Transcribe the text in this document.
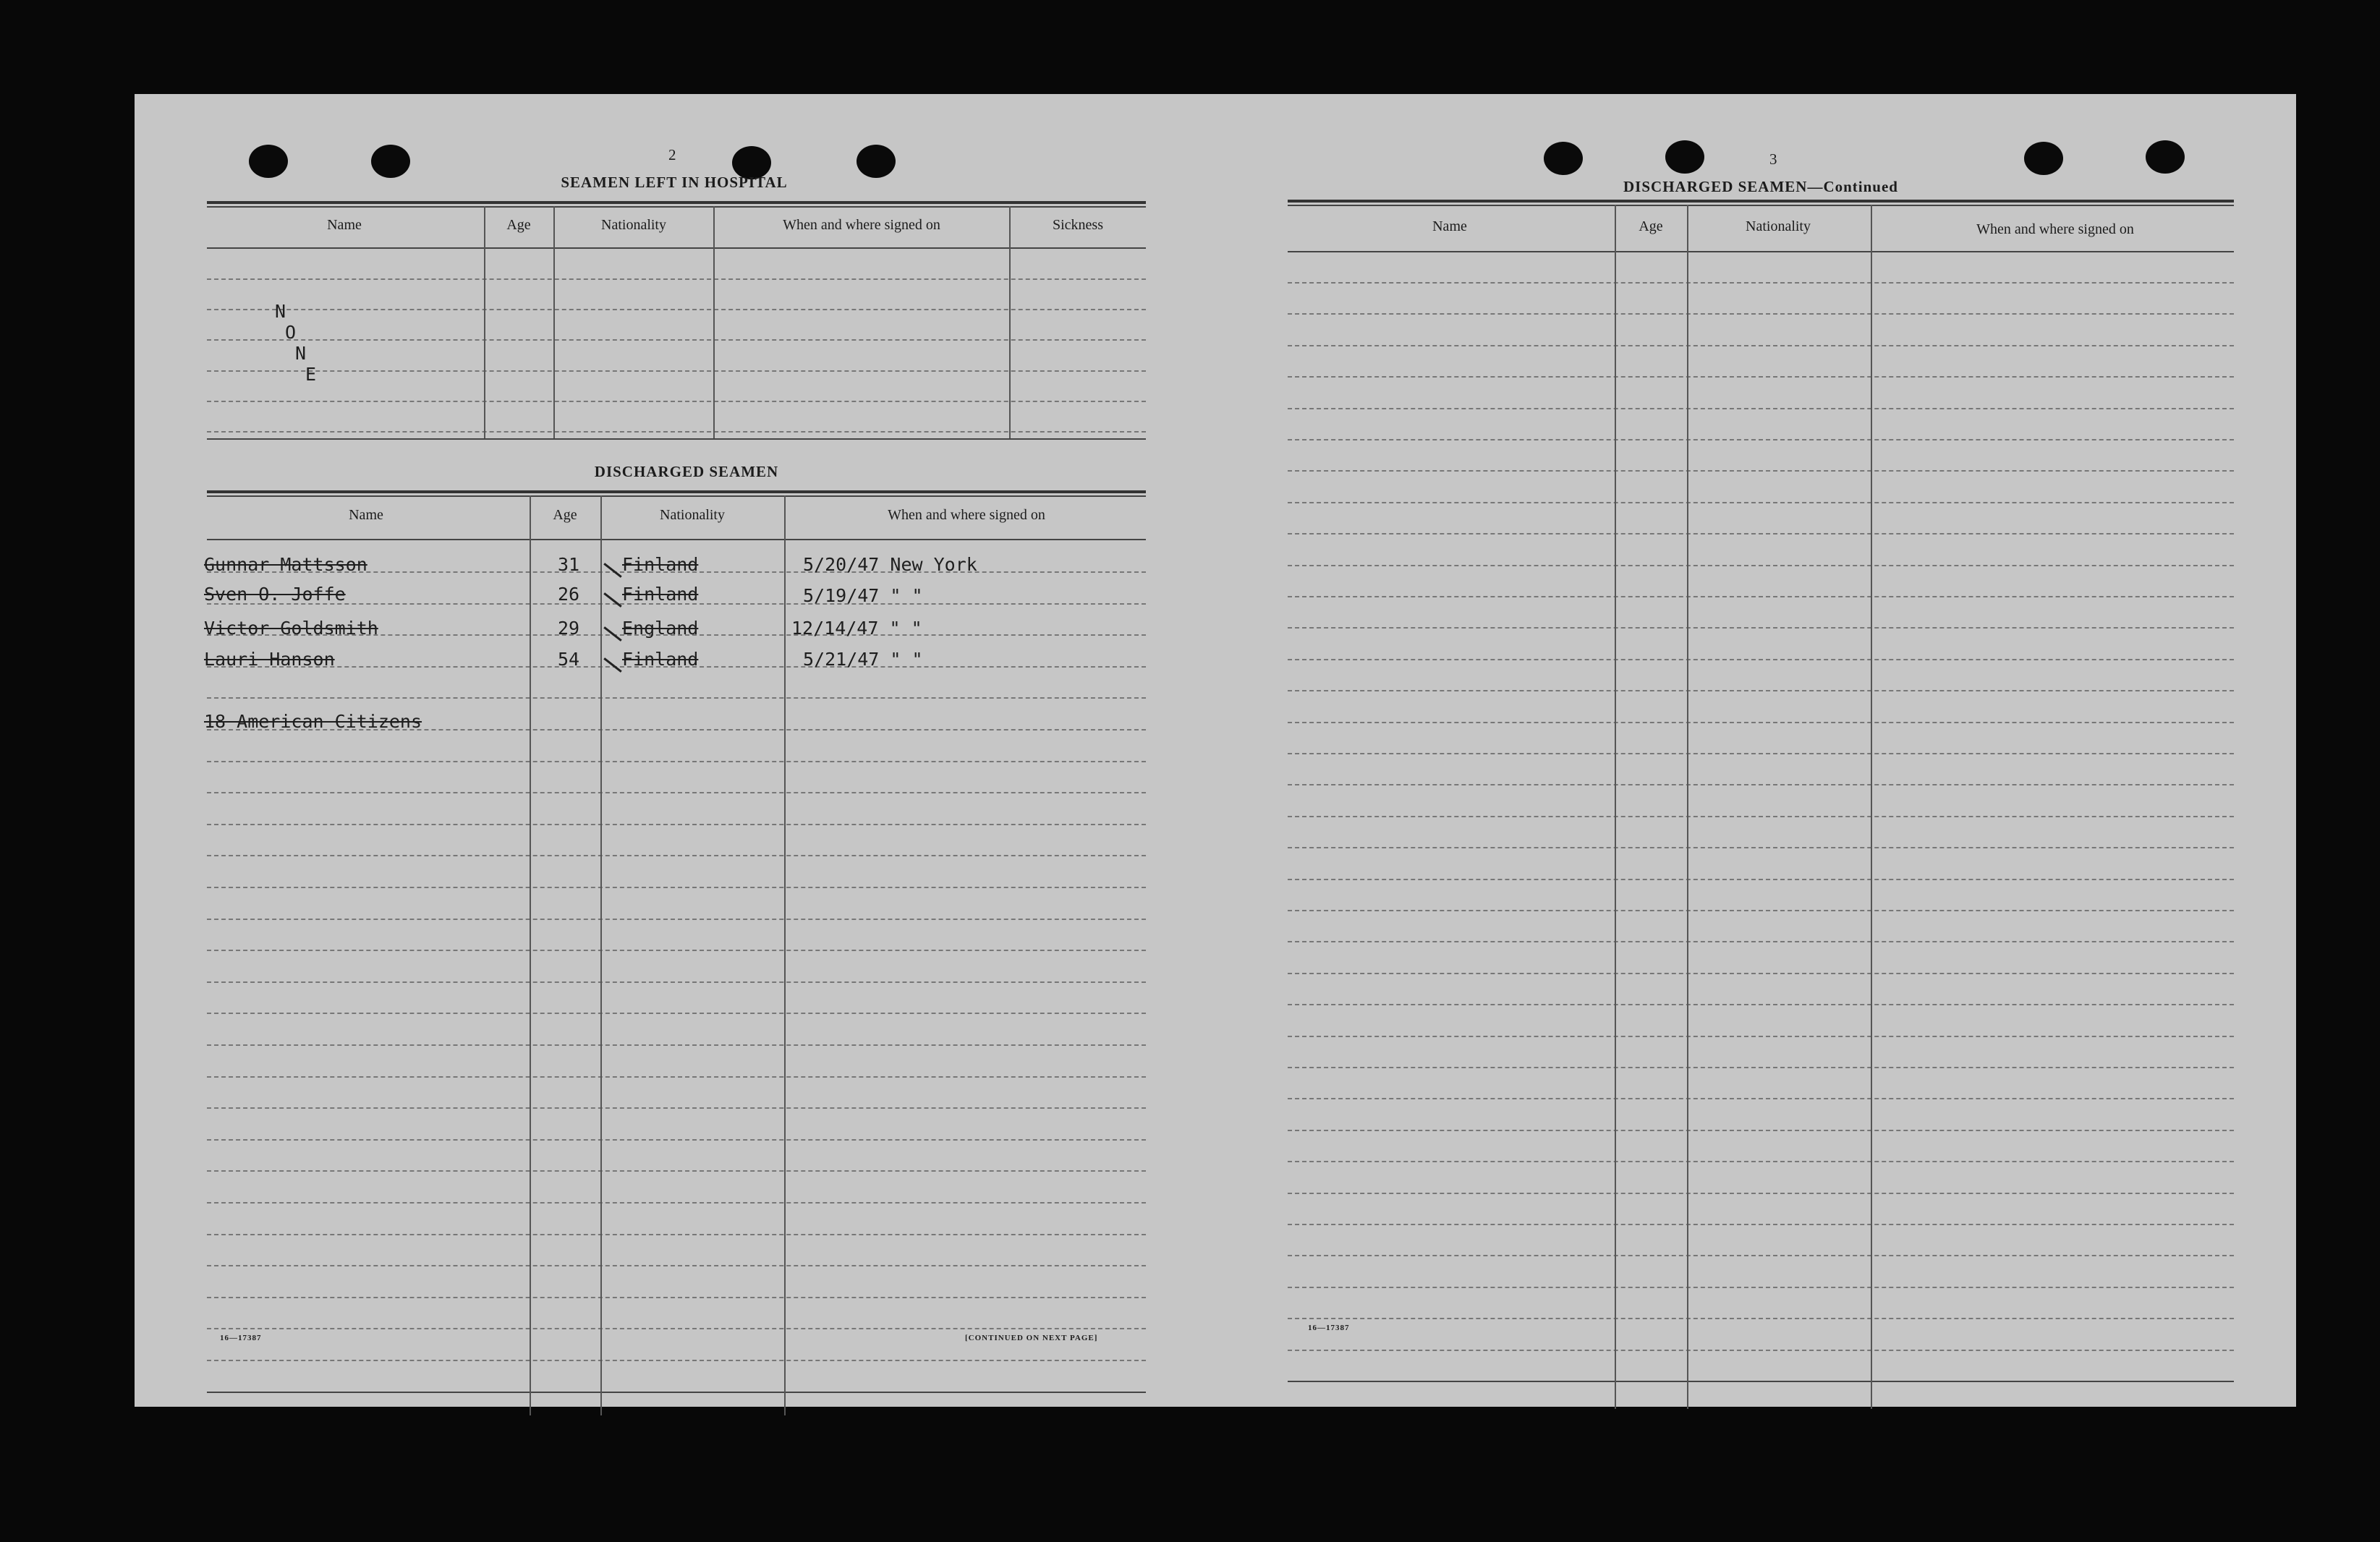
2
SEAMEN LEFT IN HOSPITAL
Name	Age	Nationality	When and where signed on	Sickness
N
O
N
E
DISCHARGED SEAMEN
Name	Age	Nationality	When and where signed on
Gunnar Mattsson	31 Finland	5/20/47 New York
Sven O. Joffe	26 Finland	5/19/47 " "
Victor Goldsmith	29 England	12/14/47 " "
Lauri Hanson	54 Finland	5/21/47 " "
18 American Citizens
16—17387	[CONTINUED ON NEXT PAGE]
3
DISCHARGED SEAMEN—Continued
Name	Age	Nationality	When and where signed on
16—17387
